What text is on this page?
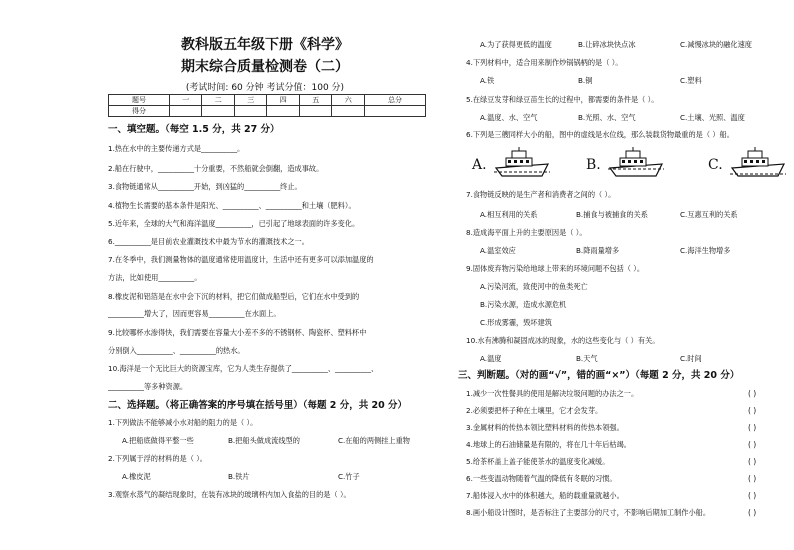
教科版五年级下册《科学》
期末综合质量检测卷（二）
(考试时间: 60 分钟 考试分值：100 分)
题号	一	二	三	四	五	六	总分
得分							
一、填空题。（每空 1.5 分，共 27 分）
1.热在水中的主要传递方式是__________。
2.船在行驶中，__________十分重要，不然船就会倒翻，造成事故。
3.食物链通常从__________开始，到凶猛的__________终止。
4.植物生长需要的基本条件是阳光、__________、__________和土壤（肥料）。
5.近年来，全球的大气和海洋温度__________，已引起了地球表面的许多变化。
6.__________是目前农业灌溉技术中最为节水的灌溉技术之一。
7.在冬季中，我们测量物体的温度通常使用温度计，生活中还有更多可以添加温度的
方法，比如使用__________。
8.橡皮泥和铝箔是在水中会下沉的材料，把它们做成船型后，它们在水中受到的
__________增大了，因而更容易__________在水面上。
9.比较哪杯水渗得快，我们需要在容量大小差不多的不锈钢杯、陶瓷杯、塑料杯中
分别倒入__________、__________的热水。
10.海洋是一个无比巨大的资源宝库，它为人类生存提供了__________、__________、
__________等多种资源。
二、选择题。（将正确答案的序号填在括号里）（每题 2 分，共 20 分）
1.下列做法不能够减小水对船的阻力的是（ ）。
A.把船底做得平整一些	B.把船头做成流线型的	C.在船的两侧挂上重物
2.下列属于浮的材料的是（ ）。
A.橡皮泥	B.铁片	C.竹子
3.观察水蒸气的凝结现象时，在装有冰块的玻璃杯内加入食盐的目的是（ ）。
A.为了获得更低的温度	B.让碎冰块快点冰	C.减慢冰块的融化速度
4.下列材料中，适合用来制作炒锅锅柄的是（ ）。
A.铁	B.铜	C.塑料
5.在绿豆发芽和绿豆苗生长的过程中，都需要的条件是（ ）。
A.温度、水、空气	B.光照、水、空气	C.土壤、光照、温度
6.下列是三艘同样大小的船，图中的虚线是水位线，那么装载货物最重的是（ ）船。
A.	B.	C.
7.食物链反映的是生产者和消费者之间的（ ）。
A.相互利用的关系	B.捕食与被捕食的关系	C.互惠互利的关系
8.造成海平面上升的主要原因是（ ）。
A.温室效应	B.降雨量增多	C.海洋生物增多
9.固体废弃物污染给地球上带来的环境问题不包括（ ）。
A.污染河流，致使河中的鱼类死亡
B.污染水源，造成水源危机
C.形成雾霾，毁坏建筑
10.水有沸腾和凝固成冰的现象，水的这些变化与（ ）有关。
A.温度	B.天气	C.时间
三、判断题。（对的画“√”，错的画“×”）（每题 2 分，共 20 分）
1.减少一次性餐具的使用是解决垃圾问题的办法之一。	( )
2.必须要把杯子种在土壤里，它才会发芽。	( )
3.金属材料的传热本领比塑料材料的传热本领强。	( )
4.地球上的石油储量是有限的，将在几十年后枯竭。	( )
5.给茶杯盖上盖子能使茶水的温度变化减缓。	( )
6.一些变温动物随着气温的降低有冬眠的习惯。	( )
7.船体浸入水中的体积越大，船的载重量就越小。	( )
8.画小船设计图时，是否标注了主要部分的尺寸，不影响后期加工制作小船。	( )
